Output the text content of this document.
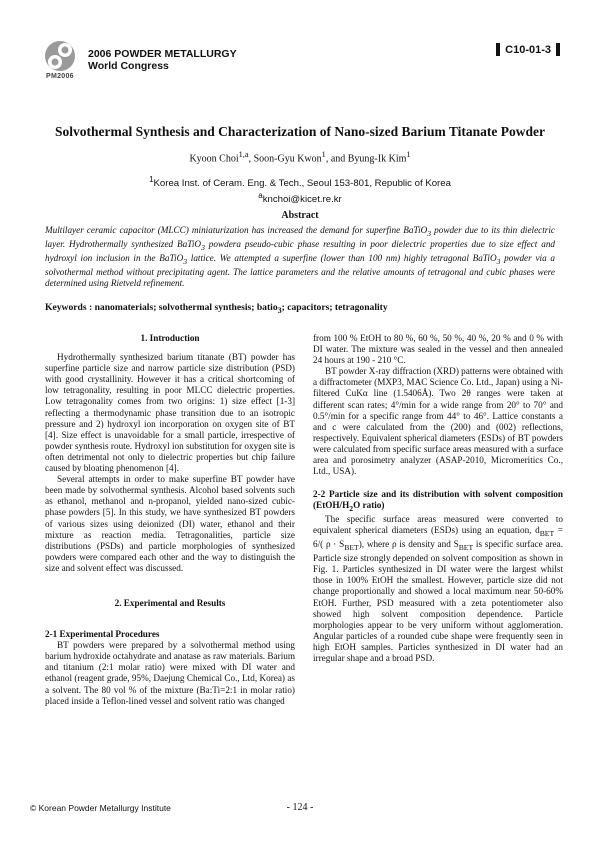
PM2006
2006 POWDER METALLURGY
World Congress
C10-01-3
Solvothermal Synthesis and Characterization of Nano-sized Barium Titanate Powder
Kyoon Choi$^{1,a}$, Soon-Gyu Kwon$^1$, and Byung-Ik Kim$^1$
$^1$Korea Inst. of Ceram. Eng. & Tech., Seoul 153-801, Republic of Korea
$^a$knchoi@kicet.re.kr
Abstract

Multilayer ceramic capacitor (MLCC) miniaturization has increased the demand for superfine BaTiO$_3$ powder due to its thin dielectric layer. Hydrothermally synthesized BaTiO$_3$ powdera pseudo-cubic phase resulting in poor dielectric properties due to size effect and hydroxyl ion inclusion in the BaTiO$_3$ lattice. We attempted a superfine (lower than 100 nm) highly tetragonal BaTiO$_3$ powder via a solvothermal method without precipitating agent. The lattice parameters and the relative amounts of tetragonal and cubic phases were determined using Rietveld refinement.

Keywords : nanomaterials; solvothermal synthesis; batio$_3$; capacitors; tetragonality
1. Introduction

Hydrothermally synthesized barium titanate (BT) powder has superfine particle size and narrow particle size distribution (PSD) with good crystallinity. However it has a critical shortcoming of low tetragonality, resulting in poor MLCC dielectric properties. Low tetragonality comes from two origins: 1) size effect [1-3] reflecting a thermodynamic phase transition due to an isotropic pressure and 2) hydroxyl ion incorporation on oxygen site of BT [4]. Size effect is unavoidable for a small particle, irrespective of powder synthesis route. Hydroxyl ion substitution for oxygen site is often detrimental not only to dielectric properties but chip failure caused by bloating phenomenon [4].

Several attempts in order to make superfine BT powder have been made by solvothermal synthesis. Alcohol based solvents such as ethanol, methanol and n-propanol, yielded nano-sized cubic-phase powders [5]. In this study, we have synthesized BT powders of various sizes using deionized (DI) water, ethanol and their mixture as reaction media. Tetragonalities, particle size distributions (PSDs) and particle morphologies of synthesized powders were compared each other and the way to distinguish the size and solvent effect was discussed.

2. Experimental and Results
2-1 Experimental Procedures

BT powders were prepared by a solvothermal method using barium hydroxide octahydrate and anatase as raw materials. Barium and titanium (2:1 molar ratio) were mixed with DI water and ethanol (reagent grade, 95%, Daejung Chemical Co., Ltd, Korea) as a solvent. The 80 vol % of the mixture (Ba:Ti=2:1 in molar ratio) placed inside a Teflon-lined vessel and solvent ratio was changed

from 100 % EtOH to 80 %, 60 %, 50 %, 40 %, 20 % and 0 % with DI water. The mixture was sealed in the vessel and then annealed 24 hours at 190 - 210 °C.

BT powder X-ray diffraction (XRD) patterns were obtained with a diffractometer (MXP3, MAC Science Co. Ltd., Japan) using a Ni-filtered CuKα line (1.5406Å). Two 2θ ranges were taken at different scan rates; 4°/min for a wide range from 20° to 70° and 0.5°/min for a specific range from 44° to 46°. Lattice constants a and c were calculated from the (200) and (002) reflections, respectively. Equivalent spherical diameters (ESDs) of BT powders were calculated from specific surface areas measured with a surface area and porosimetry analyzer (ASAP-2010, Micromeritics Co., Ltd., USA).

2-2 Particle size and its distribution with solvent composition ($EtOH/H_2O$ ratio)

The specific surface areas measured were converted to equivalent spherical diameters (ESDs) using an equation, $d_{BET} = 6/$( $\rho \cdot S_{BET}$), where ρ is density and $S_{BET}$ is specific surface area. Particle size strongly depended on solvent composition as shown in Fig. 1. Particles synthesized in DI water were the largest whilst those in 100% EtOH the smallest. However, particle size did not change proportionally and showed a local maximum near 50-60% EtOH. Further, PSD measured with a zeta potentiometer also showed high solvent composition dependence. Particle morphologies appear to be very uniform without agglomeration. Angular particles of a rounded cube shape were frequently seen in high EtOH samples. Particles synthesized in DI water had an irregular shape and a broad PSD.

© Korean Powder Metallurgy Institute	- 124 -
